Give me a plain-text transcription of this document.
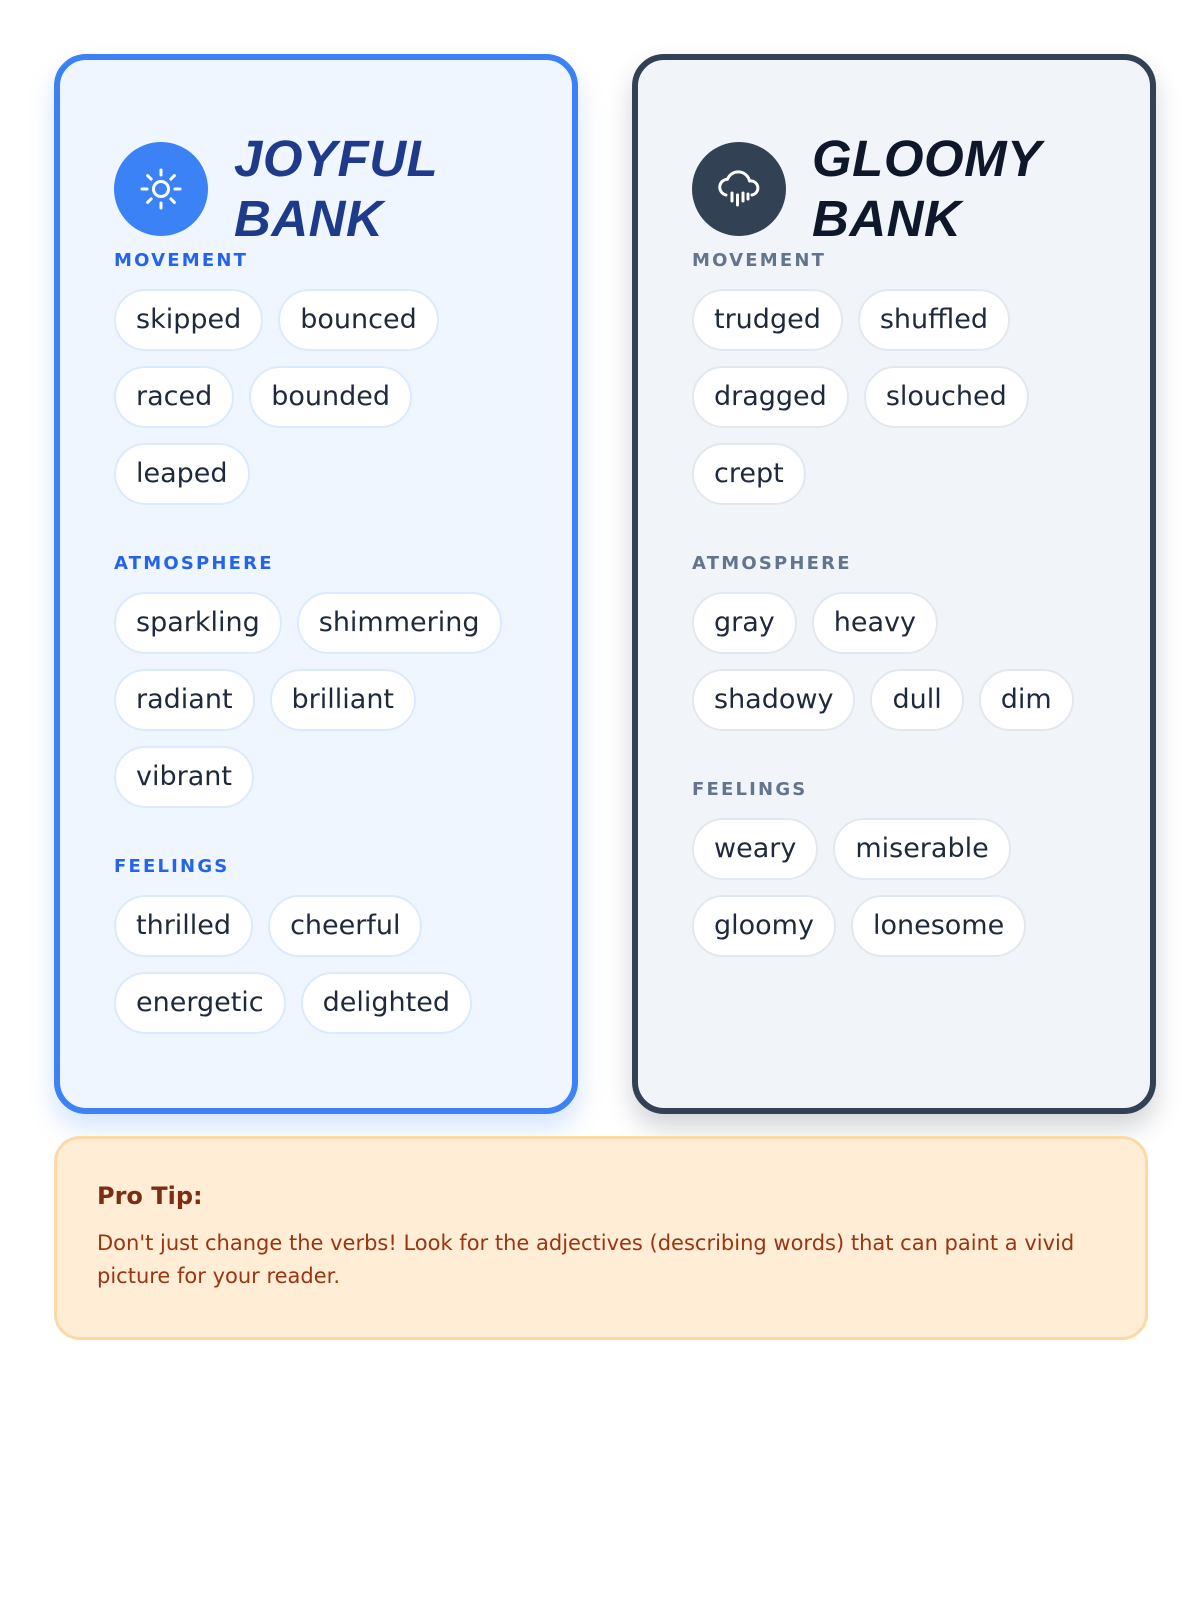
JOYFUL BANK
MOVEMENT
skipped	bounced
raced	bounded
leaped
ATMOSPHERE
sparkling	shimmering
radiant	brilliant
vibrant
FEELINGS
thrilled	cheerful
energetic	delighted
GLOOMY BANK
MOVEMENT
trudged	shuffled
dragged	slouched
crept
ATMOSPHERE
gray	heavy
shadowy	dull	dim
FEELINGS
weary	miserable
gloomy	lonesome

Pro Tip:

Don't just change the verbs! Look for the adjectives (describing words) that can paint a vivid picture for your reader.
